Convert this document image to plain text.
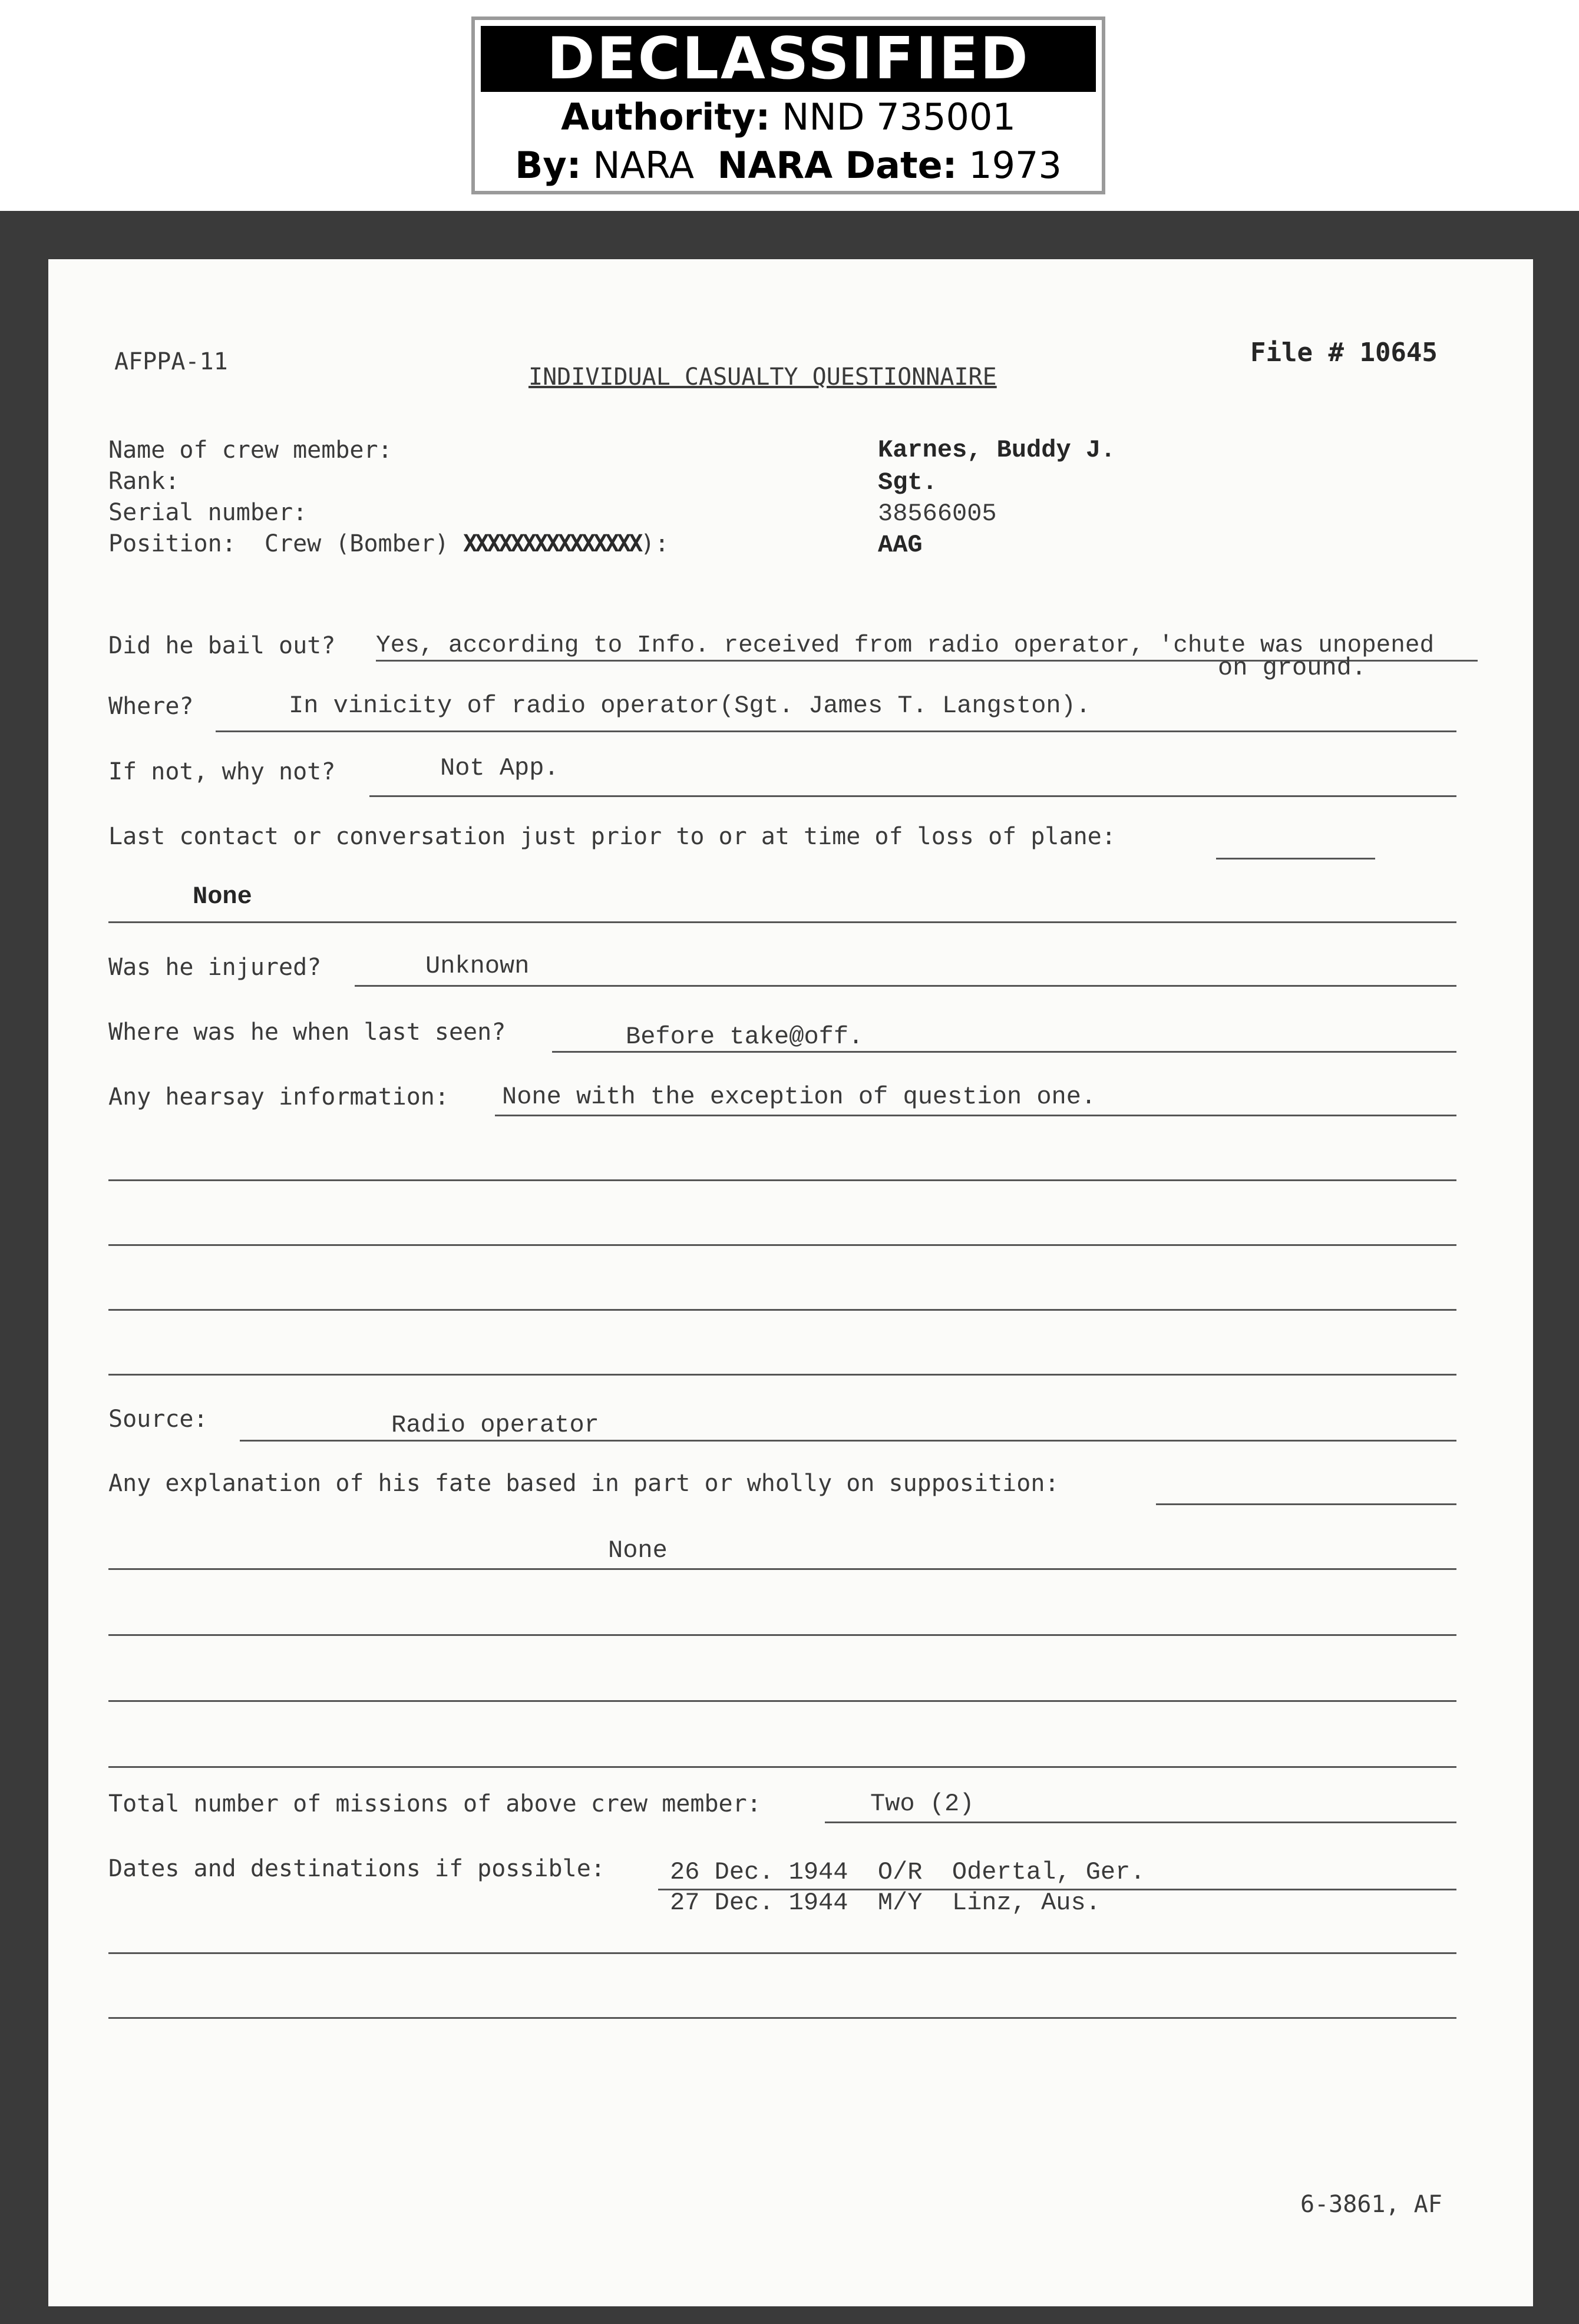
DECLASSIFIED
Authority: NND 735001
By: NARA NARA Date: 1973
AFPPA-11	File # 10645
INDIVIDUAL CASUALTY QUESTIONNAIRE
Name of crew member:	Karnes, Buddy J.
Rank:	Sgt.
Serial number:	38566005
Position:  Crew (Bomber) XXXXXXXXXXXXXXX):	AAG
Did he bail out? Yes, according to Info. received from radio operator, 'chute was unopened
on ground.
Where?	In vinicity of radio operator(Sgt. James T. Langston).
If not, why not?	Not App.
Last contact or conversation just prior to or at time of loss of plane:
None
Was he injured?	Unknown
Where was he when last seen?	Before take@off.
Any hearsay information: None with the exception of question one.
Source:	Radio operator
Any explanation of his fate based in part or wholly on supposition:
None
Total number of missions of above crew member:	Two (2)
Dates and destinations if possible:	26 Dec. 1944  O/R  Odertal, Ger.
27 Dec. 1944  M/Y  Linz, Aus.
6-3861, AF
